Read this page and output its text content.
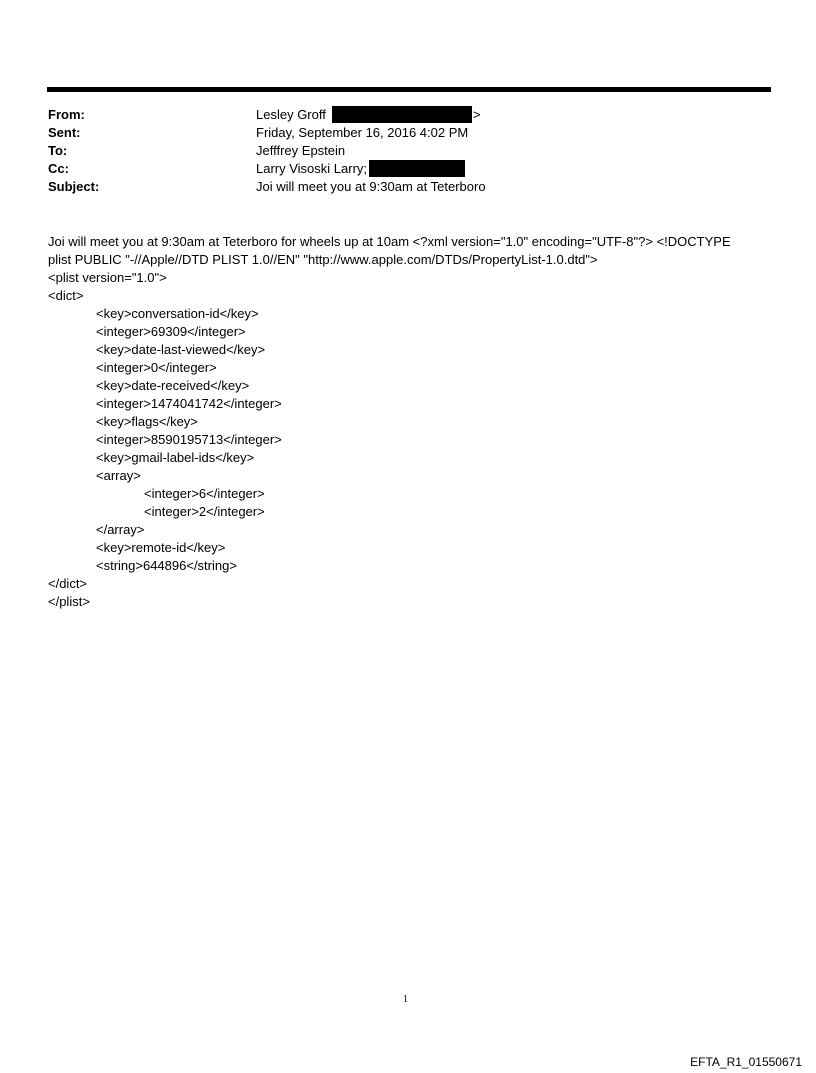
From:	Lesley Groff	>
Sent:	Friday, September 16, 2016 4:02 PM
To:	Jefffrey Epstein
Cc:	Larry Visoski Larry;
Subject:	Joi will meet you at 9:30am at Teterboro
Joi will meet you at 9:30am at Teterboro for wheels up at 10am <?xml version="1.0" encoding="UTF-8"?> <!DOCTYPE
plist PUBLIC "-//Apple//DTD PLIST 1.0//EN" "http://www.apple.com/DTDs/PropertyList-1.0.dtd">
<plist version="1.0">
<dict>
<key>conversation-id</key>
<integer>69309</integer>
<key>date-last-viewed</key>
<integer>0</integer>
<key>date-received</key>
<integer>1474041742</integer>
<key>flags</key>
<integer>8590195713</integer>
<key>gmail-label-ids</key>
<array>
<integer>6</integer>
<integer>2</integer>
</array>
<key>remote-id</key>
<string>644896</string>
</dict>
</plist>
1
EFTA_R1_01550671
